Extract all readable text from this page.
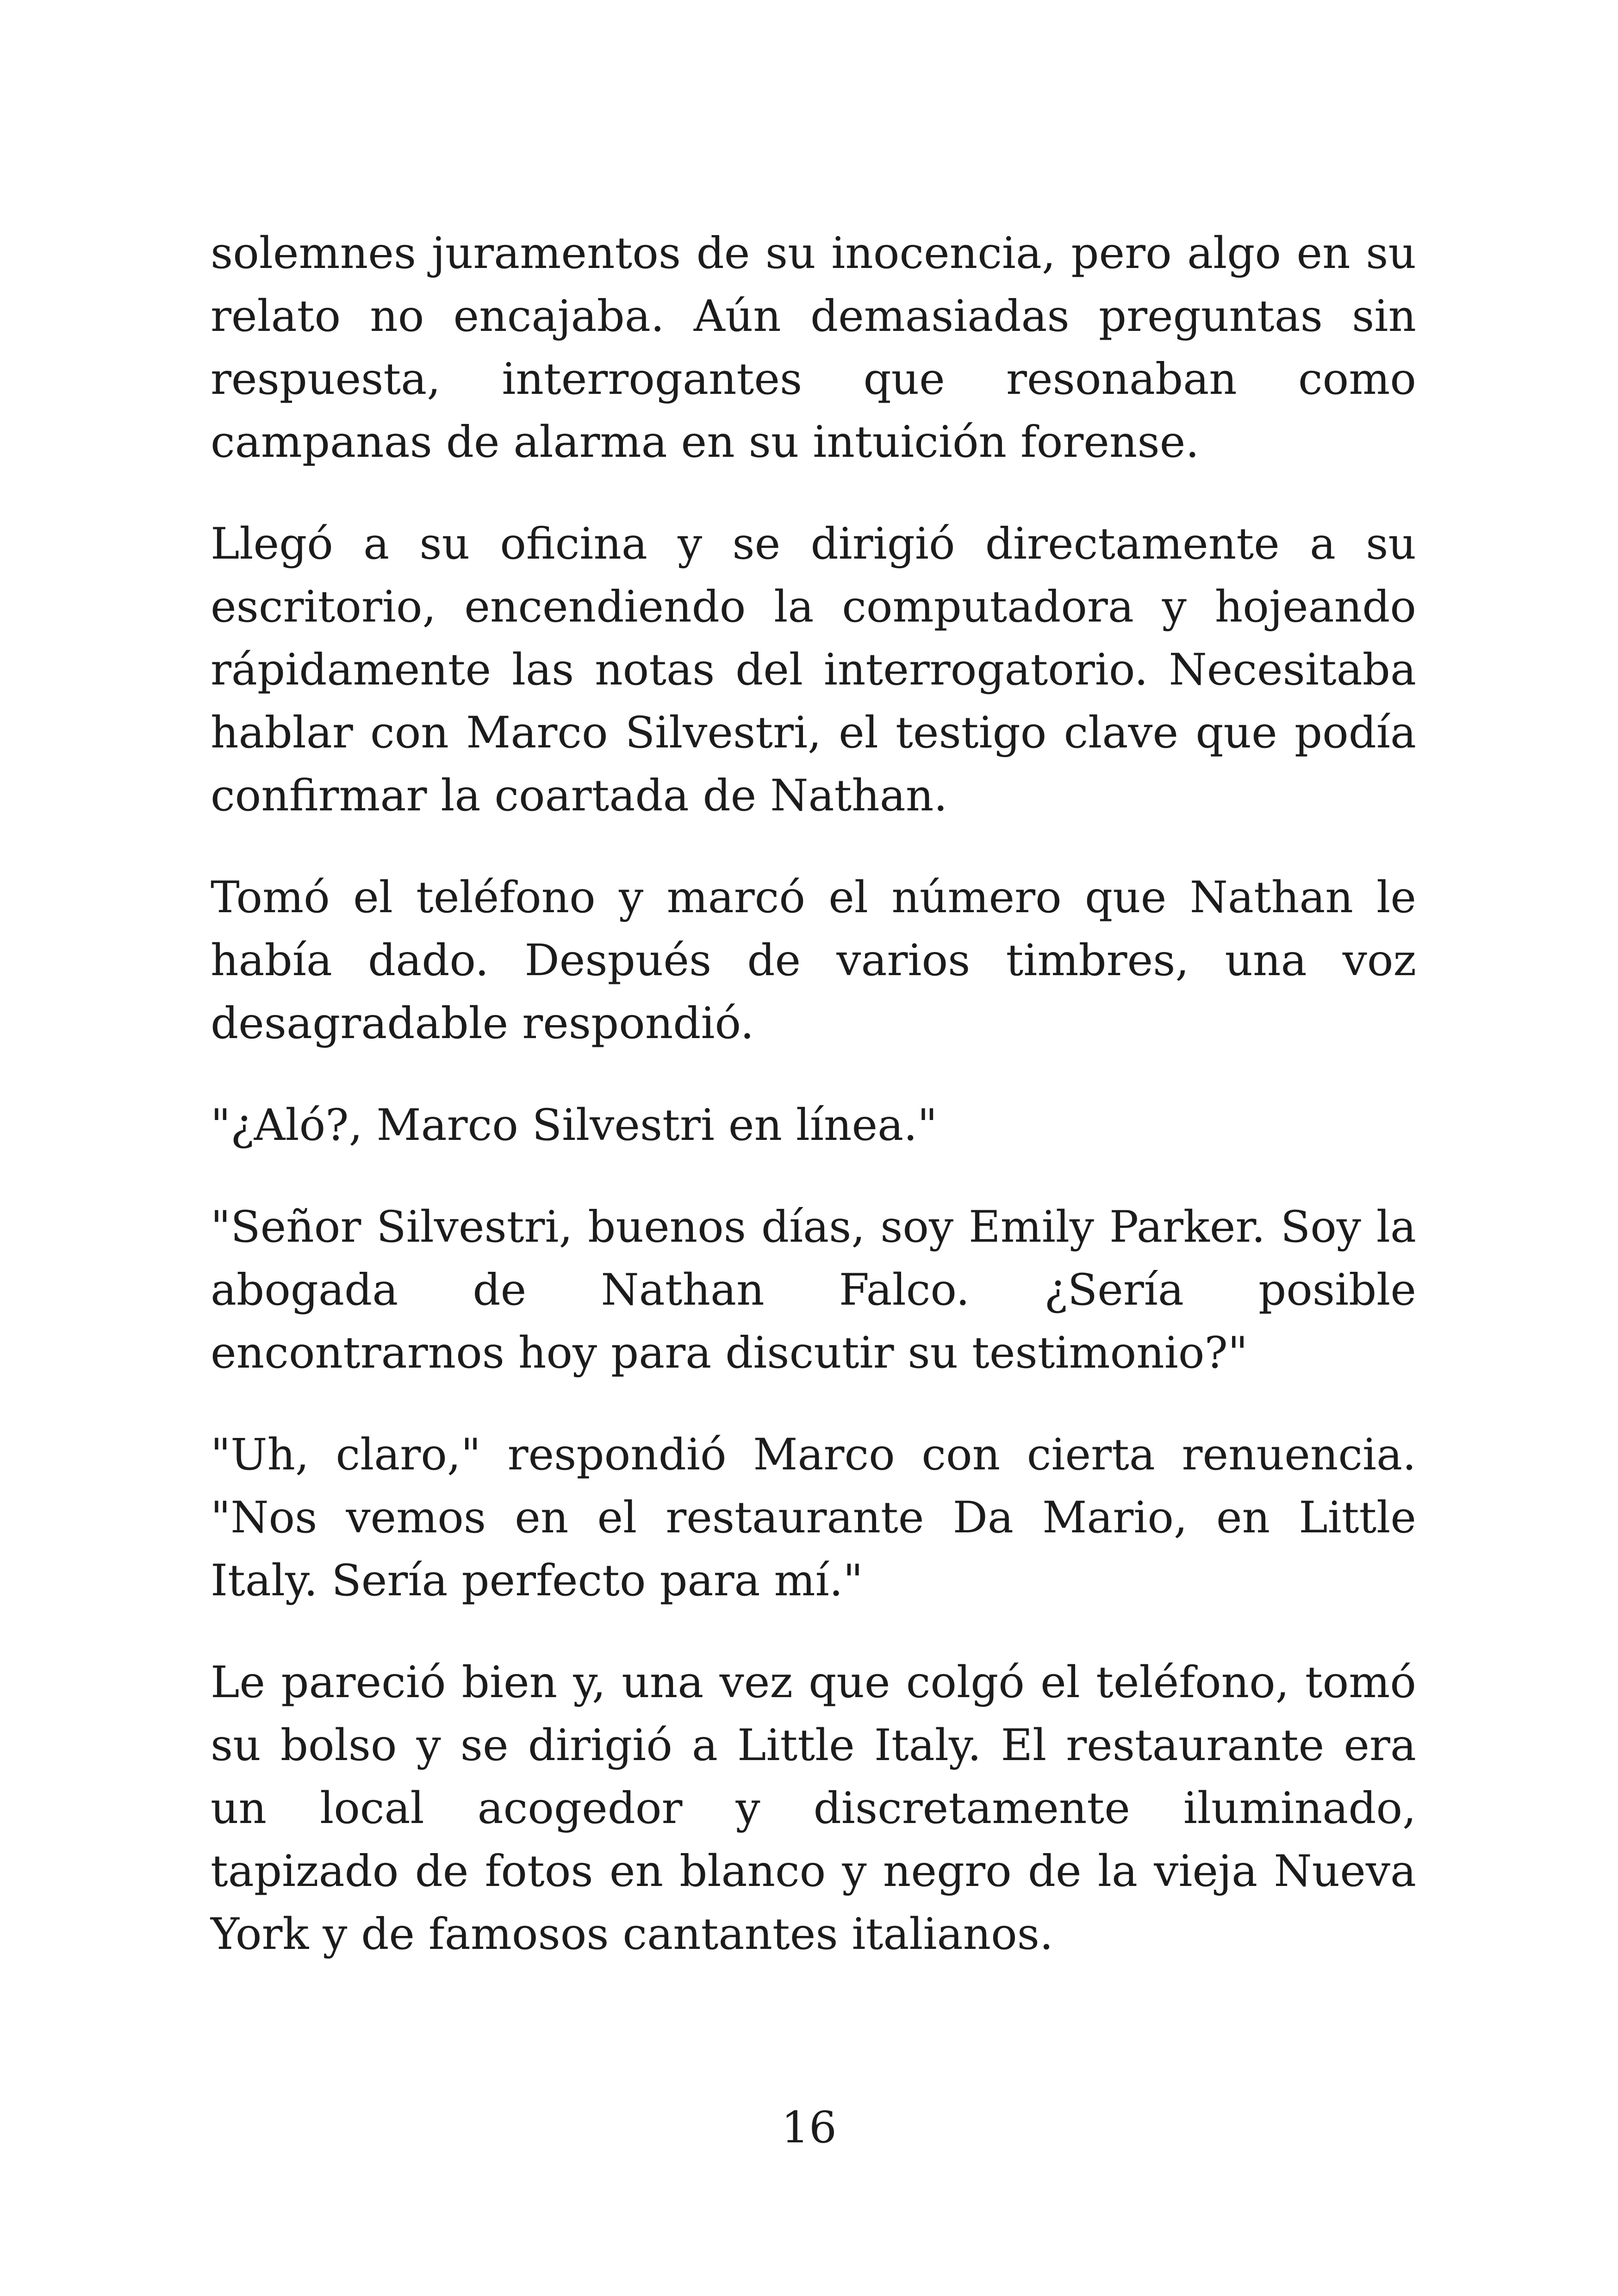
solemnes juramentos de su inocencia, pero algo en su relato no encajaba. Aún demasiadas preguntas sin respuesta, interrogantes que resonaban como campanas de alarma en su intuición forense.

Llegó a su oficina y se dirigió directamente a su escritorio, encendiendo la computadora y hojeando rápidamente las notas del interrogatorio. Necesitaba hablar con Marco Silvestri, el testigo clave que podía confirmar la coartada de Nathan.

Tomó el teléfono y marcó el número que Nathan le había dado. Después de varios timbres, una voz desagradable respondió.

"¿Aló?, Marco Silvestri en línea."

"Señor Silvestri, buenos días, soy Emily Parker. Soy la abogada de Nathan Falco. ¿Sería posible encontrarnos hoy para discutir su testimonio?"

"Uh, claro," respondió Marco con cierta renuencia. "Nos vemos en el restaurante Da Mario, en Little Italy. Sería perfecto para mí."

Le pareció bien y, una vez que colgó el teléfono, tomó su bolso y se dirigió a Little Italy. El restaurante era un local acogedor y discretamente iluminado, tapizado de fotos en blanco y negro de la vieja Nueva York y de famosos cantantes italianos.

16
